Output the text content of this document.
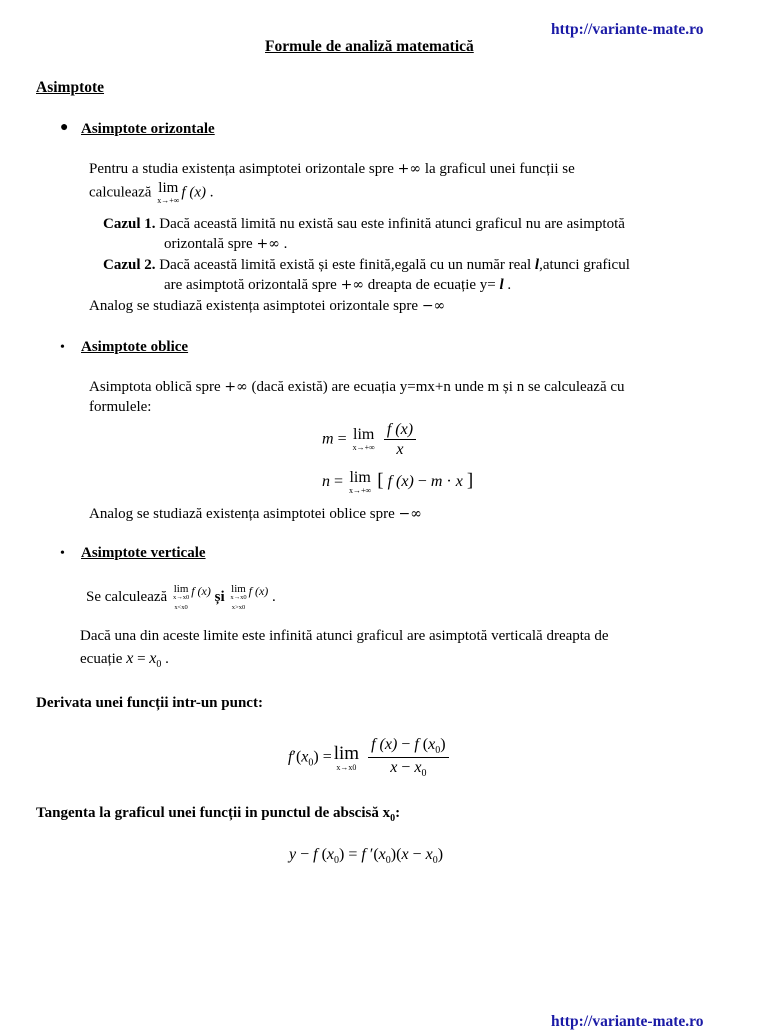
http://variante-mate.ro
Formule de analiză matematică
Asimptote
● Asimptote orizontale
Pentru a studia existența asimptotei orizontale spre +∞ la graficul unei funcții se
calculează lim
x→+∞
f (x) .
Cazul 1. Dacă această limită nu există sau este infinită atunci graficul nu are asimptotă
orizontală spre +∞ .
Cazul 2. Dacă această limită există și este finită,egală cu un număr real l,atunci graficul
are asimptotă orizontală spre +∞ dreapta de ecuație y= l .
Analog se studiază existența asimptotei orizontale spre −∞
• Asimptote oblice
Asimptota oblică spre +∞ (dacă există) are ecuația y=mx+n unde m și n se calculează cu
formulele:
m = lim
x→+∞
$\frac{f (x)}{x}$
n = lim
x→+∞ [ f (x) − m · x ]
Analog se studiază existența asimptotei oblice spre −∞
• Asimptote verticale
Se calculează lim
x→x0
x<x0
$^{f (x)}$ și lim
x→x0
x>x0
$^{f (x)}$ .
Dacă una din aceste limite este infinită atunci graficul are asimptotă verticală dreapta de
ecuație $x = x_0$ .
Derivata unei funcții intr-un punct:
$f'(x_0) = \lim$
x→x0
$\frac{f (x) - f (x_0)}{x - x_0}$
Tangenta la graficul unei funcții in punctul de abscisă $x_0$:
y − f $(x_0) = f$ $'(x_0)(x - x_0)$
http://variante-mate.ro
